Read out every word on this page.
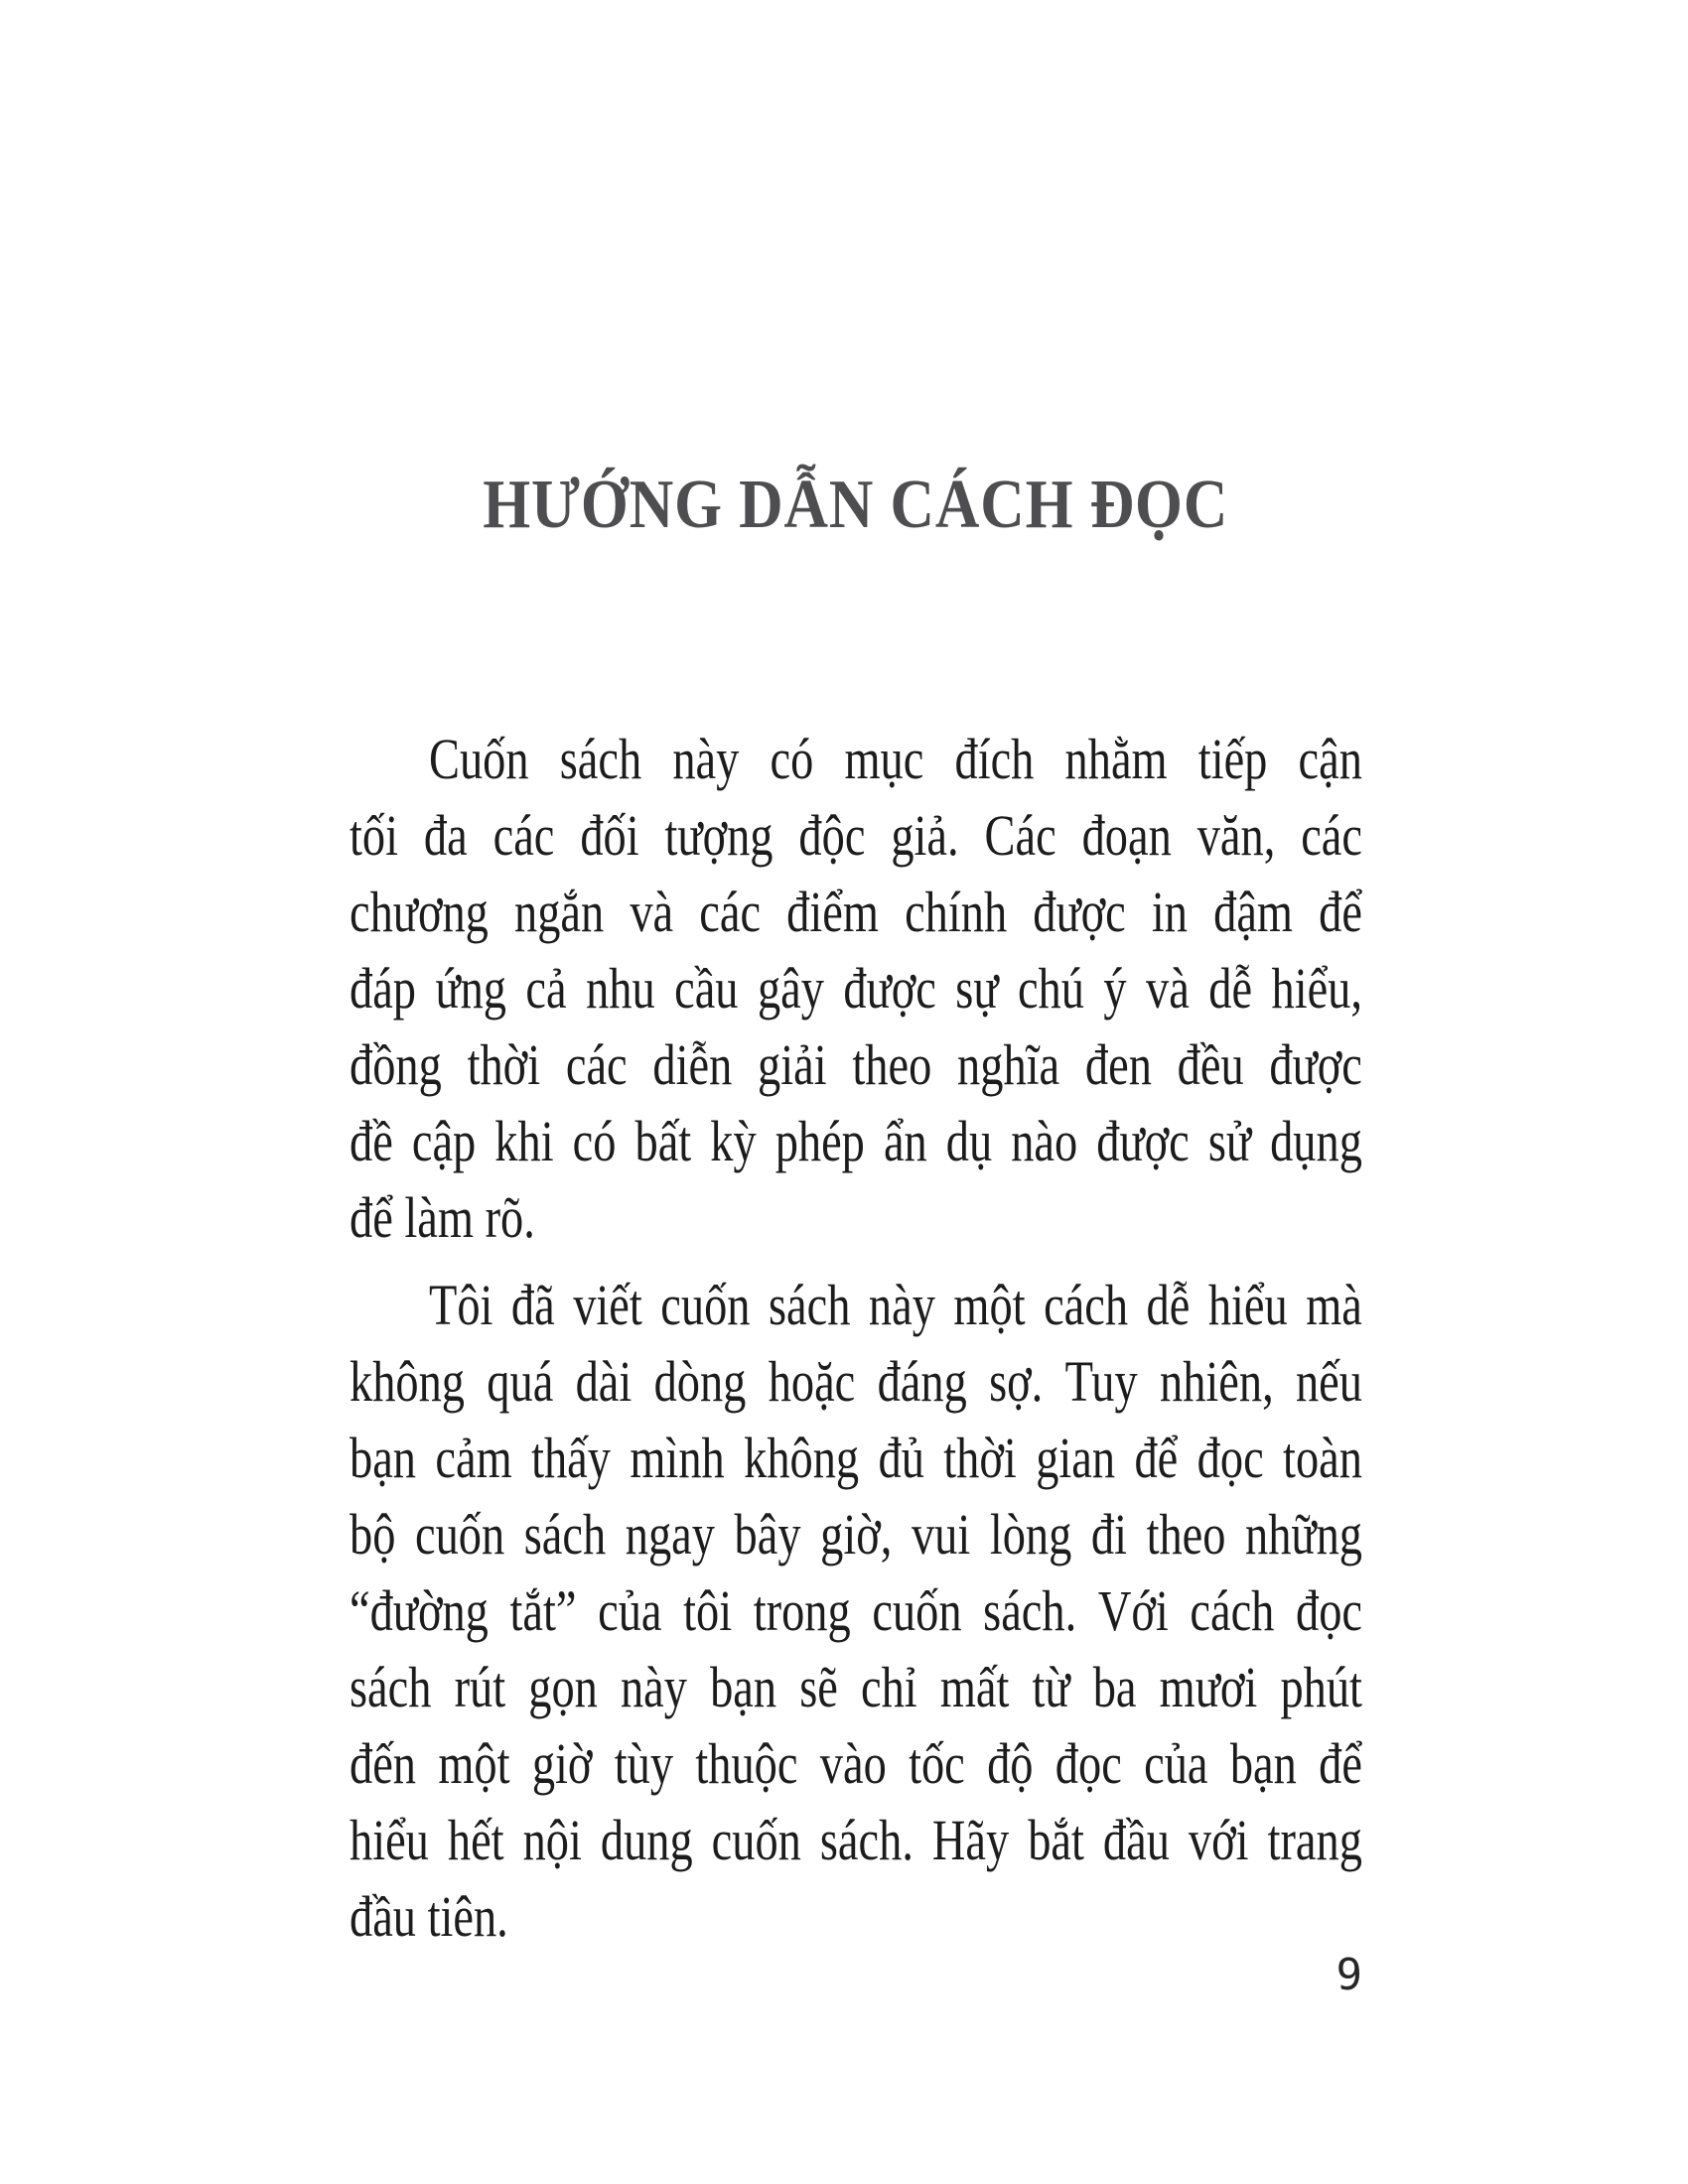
HƯỚNG DẪN CÁCH ĐỌC
Cuốn sách này có mục đích nhằm tiếp cận
tối đa các đối tượng độc giả. Các đoạn văn, các
chương ngắn và các điểm chính được in đậm để
đáp ứng cả nhu cầu gây được sự chú ý và dễ hiểu,
đồng thời các diễn giải theo nghĩa đen đều được
đề cập khi có bất kỳ phép ẩn dụ nào được sử dụng
để làm rõ.
Tôi đã viết cuốn sách này một cách dễ hiểu mà
không quá dài dòng hoặc đáng sợ. Tuy nhiên, nếu
bạn cảm thấy mình không đủ thời gian để đọc toàn
bộ cuốn sách ngay bây giờ, vui lòng đi theo những
“đường tắt” của tôi trong cuốn sách. Với cách đọc
sách rút gọn này bạn sẽ chỉ mất từ ba mươi phút
đến một giờ tùy thuộc vào tốc độ đọc của bạn để
hiểu hết nội dung cuốn sách. Hãy bắt đầu với trang
đầu tiên.
9
